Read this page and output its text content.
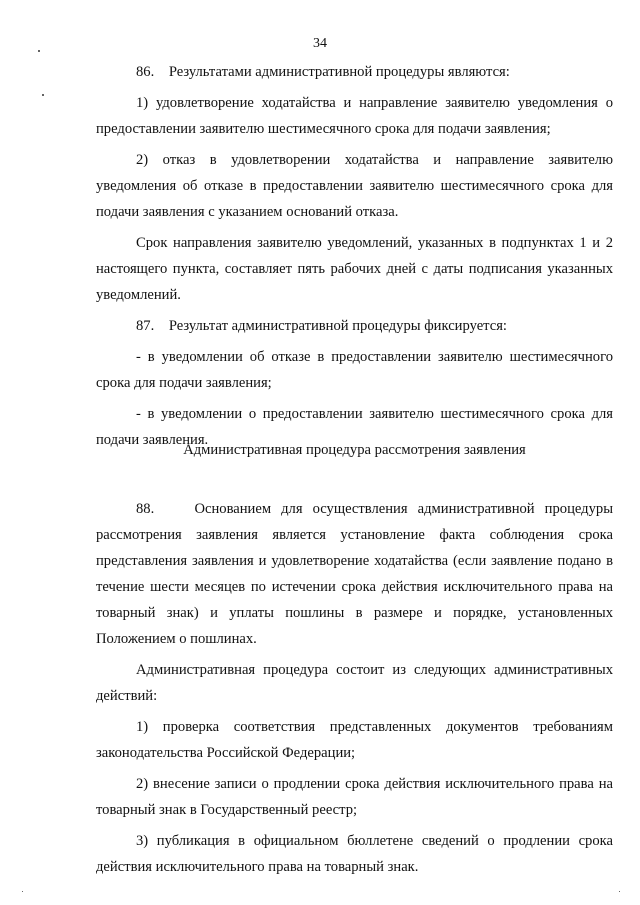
34

86.    Результатами административной процедуры являются:

1) удовлетворение ходатайства и направление заявителю уведомления о предоставлении заявителю шестимесячного срока для подачи заявления;

2) отказ в удовлетворении ходатайства и направление заявителю уведомления об отказе в предоставлении заявителю шестимесячного срока для подачи заявления с указанием оснований отказа.

Срок направления заявителю уведомлений, указанных в подпунктах 1 и 2 настоящего пункта, составляет пять рабочих дней с даты подписания указанных уведомлений.

87.    Результат административной процедуры фиксируется:

- в уведомлении об отказе в предоставлении заявителю шестимесячного срока для подачи заявления;

- в уведомлении о предоставлении заявителю шестимесячного срока для подачи заявления.

Административная процедура рассмотрения заявления

88.    Основанием для осуществления административной процедуры рассмотрения заявления является установление факта соблюдения срока представления заявления и удовлетворение ходатайства (если заявление подано в течение шести месяцев по истечении срока действия исключительного права на товарный знак) и уплаты пошлины в размере и порядке, установленных Положением о пошлинах.

Административная процедура состоит из следующих административных действий:

1) проверка соответствия представленных документов требованиям законодательства Российской Федерации;

2) внесение записи о продлении срока действия исключительного права на товарный знак в Государственный реестр;

3) публикация в официальном бюллетене сведений о продлении срока действия исключительного права на товарный знак.
